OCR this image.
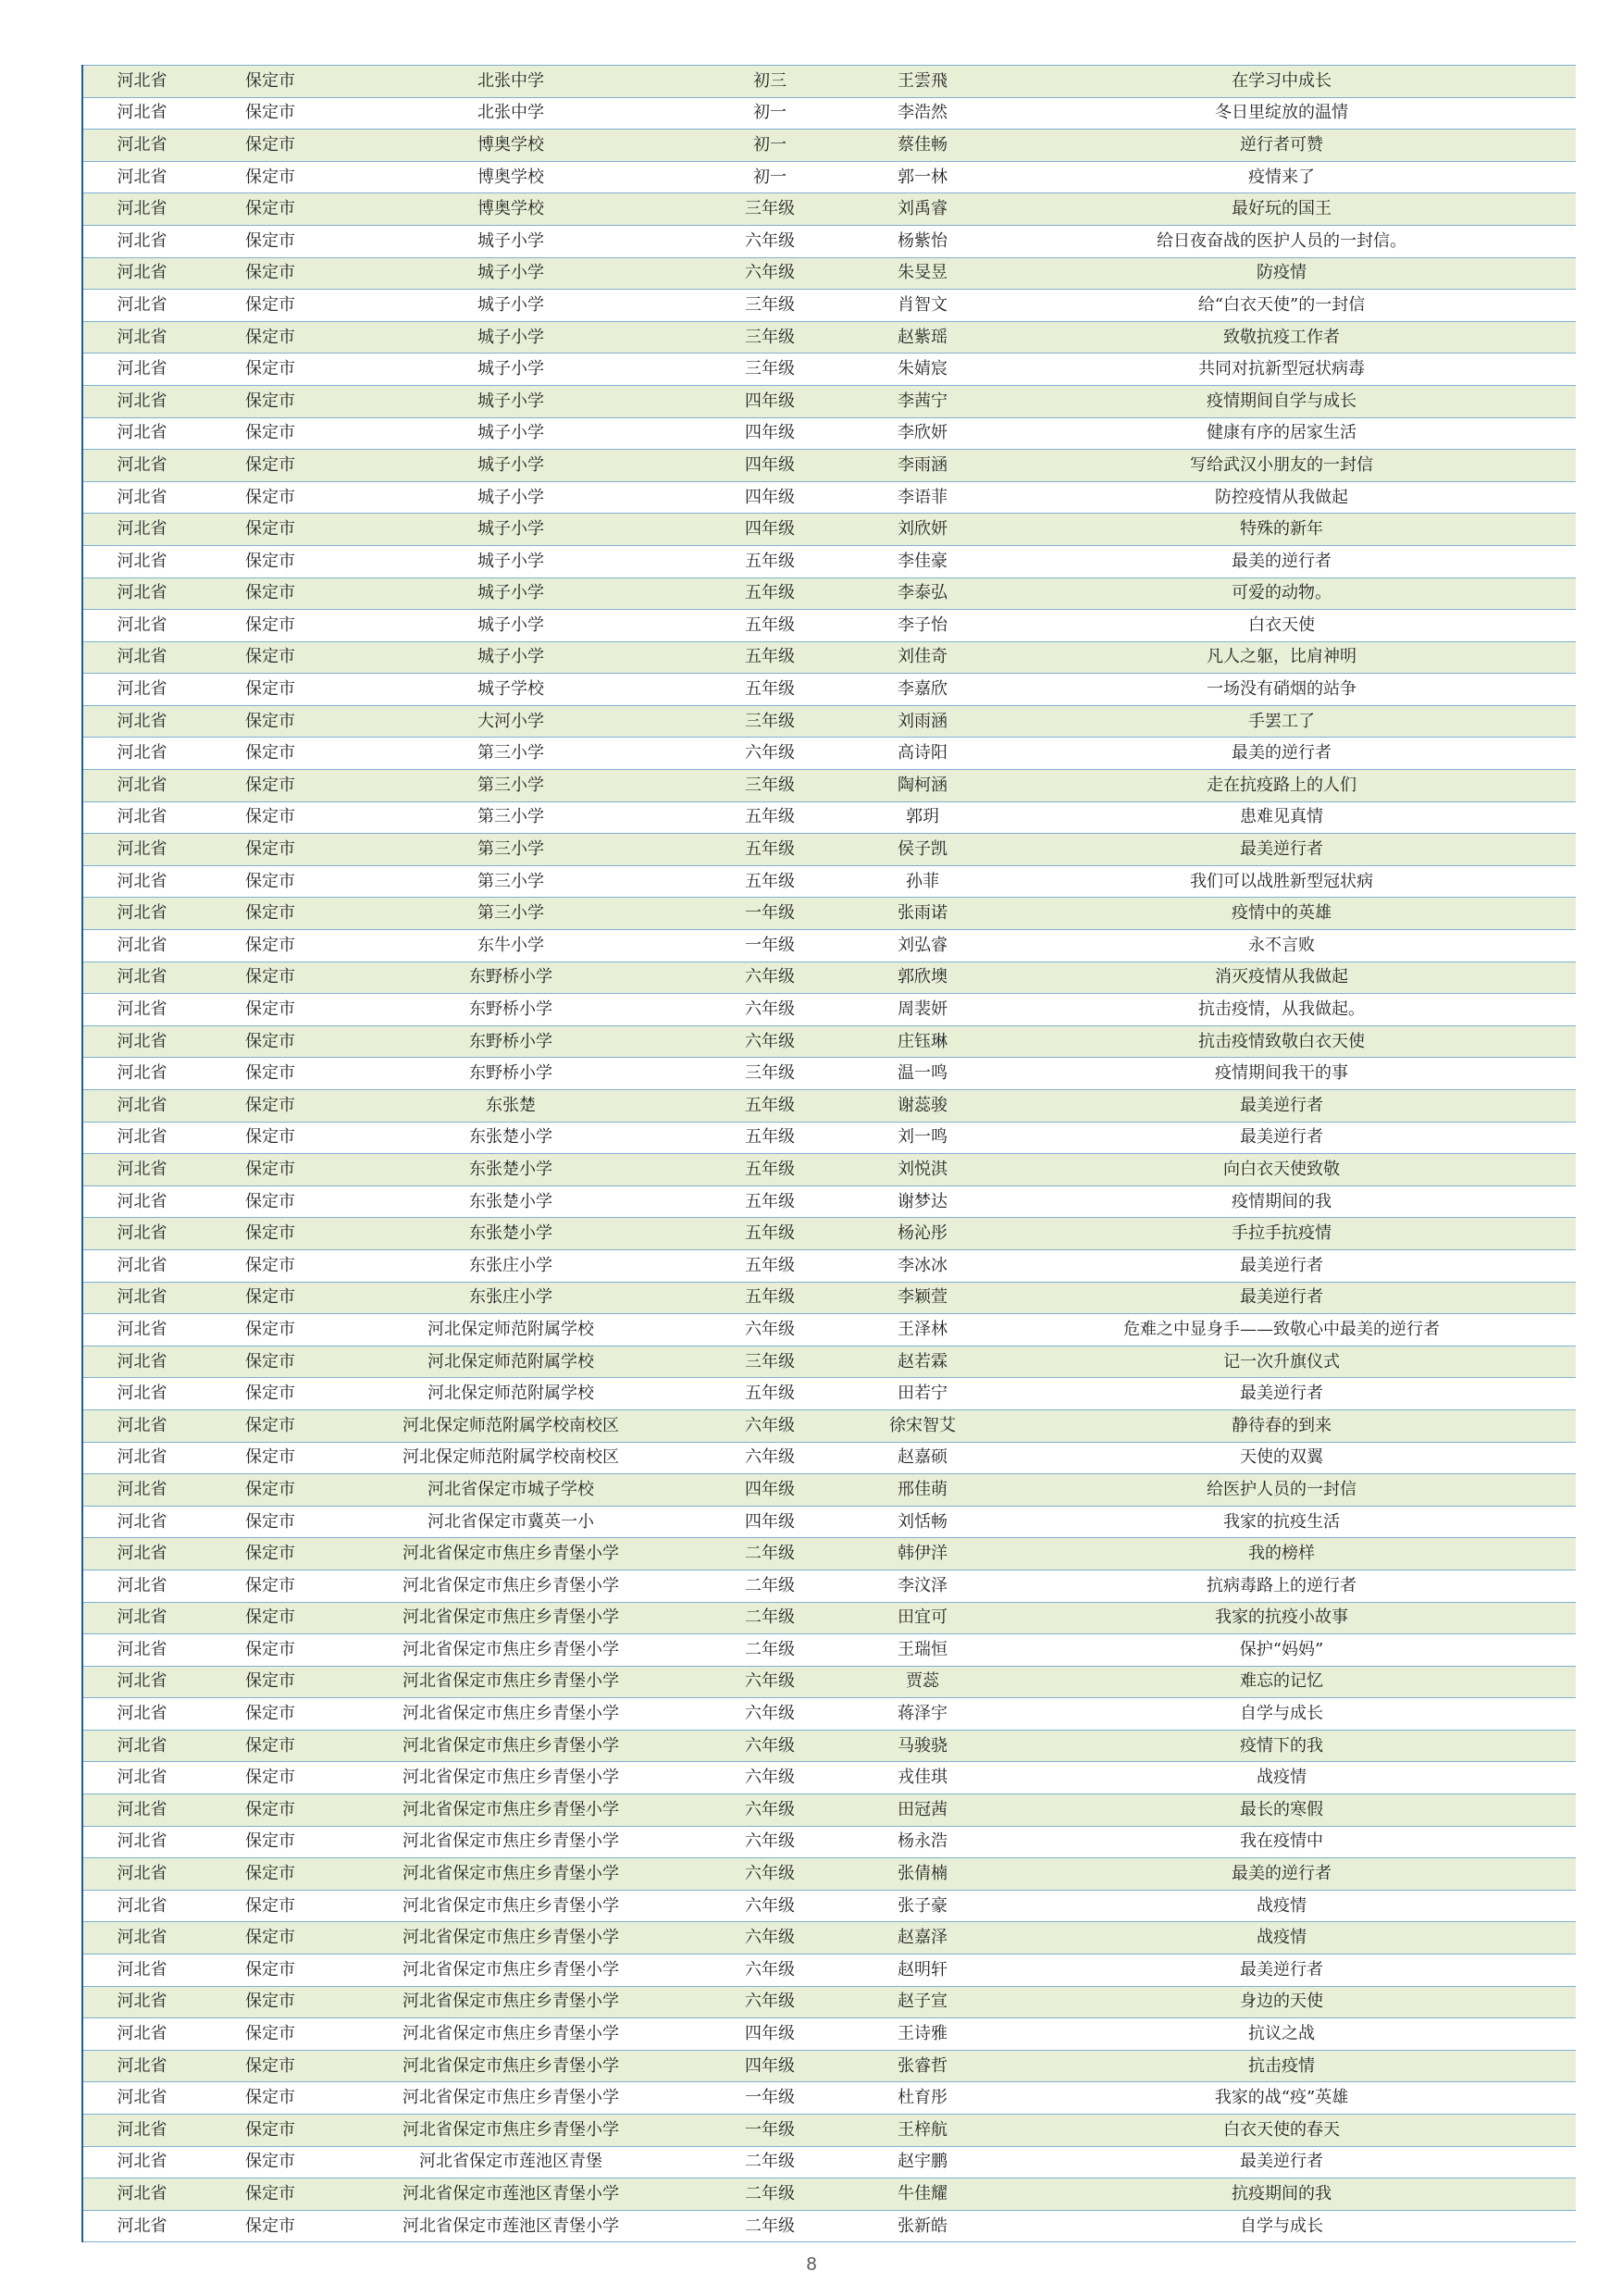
河北省	保定市	北张中学	初三	王雲飛	在学习中成长
河北省	保定市	北张中学	初一	李浩然	冬日里绽放的温情
河北省	保定市	博奥学校	初一	蔡佳畅	逆行者可赞
河北省	保定市	博奥学校	初一	郭一林	疫情来了
河北省	保定市	博奥学校	三年级	刘禹睿	最好玩的国王
河北省	保定市	城子小学	六年级	杨紫怡	给日夜奋战的医护人员的一封信。
河北省	保定市	城子小学	六年级	朱旻昱	防疫情
河北省	保定市	城子小学	三年级	肖智文	给“白衣天使”的一封信
河北省	保定市	城子小学	三年级	赵紫瑶	致敬抗疫工作者
河北省	保定市	城子小学	三年级	朱婧宸	共同对抗新型冠状病毒
河北省	保定市	城子小学	四年级	李茜宁	疫情期间自学与成长
河北省	保定市	城子小学	四年级	李欣妍	健康有序的居家生活
河北省	保定市	城子小学	四年级	李雨涵	写给武汉小朋友的一封信
河北省	保定市	城子小学	四年级	李语菲	防控疫情从我做起
河北省	保定市	城子小学	四年级	刘欣妍	特殊的新年
河北省	保定市	城子小学	五年级	李佳豪	最美的逆行者
河北省	保定市	城子小学	五年级	李泰弘	可爱的动物。
河北省	保定市	城子小学	五年级	李子怡	白衣天使
河北省	保定市	城子小学	五年级	刘佳奇	凡人之躯，比肩神明
河北省	保定市	城子学校	五年级	李嘉欣	一场没有硝烟的站争
河北省	保定市	大河小学	三年级	刘雨涵	手罢工了
河北省	保定市	第三小学	六年级	高诗阳	最美的逆行者
河北省	保定市	第三小学	三年级	陶柯涵	走在抗疫路上的人们
河北省	保定市	第三小学	五年级	郭玥	患难见真情
河北省	保定市	第三小学	五年级	侯子凯	最美逆行者
河北省	保定市	第三小学	五年级	孙菲	我们可以战胜新型冠状病
河北省	保定市	第三小学	一年级	张雨诺	疫情中的英雄
河北省	保定市	东牛小学	一年级	刘弘睿	永不言败
河北省	保定市	东野桥小学	六年级	郭欣墺	消灭疫情从我做起
河北省	保定市	东野桥小学	六年级	周裴妍	抗击疫情，从我做起。
河北省	保定市	东野桥小学	六年级	庄钰琳	抗击疫情致敬白衣天使
河北省	保定市	东野桥小学	三年级	温一鸣	疫情期间我干的事
河北省	保定市	东张楚	五年级	谢蕊骏	最美逆行者
河北省	保定市	东张楚小学	五年级	刘一鸣	最美逆行者
河北省	保定市	东张楚小学	五年级	刘悦淇	向白衣天使致敬
河北省	保定市	东张楚小学	五年级	谢梦达	疫情期间的我
河北省	保定市	东张楚小学	五年级	杨沁彤	手拉手抗疫情
河北省	保定市	东张庄小学	五年级	李冰冰	最美逆行者
河北省	保定市	东张庄小学	五年级	李颖萱	最美逆行者
河北省	保定市	河北保定师范附属学校	六年级	王泽林	危难之中显身手——致敬心中最美的逆行者
河北省	保定市	河北保定师范附属学校	三年级	赵若霖	记一次升旗仪式
河北省	保定市	河北保定师范附属学校	五年级	田若宁	最美逆行者
河北省	保定市	河北保定师范附属学校南校区	六年级	徐宋智艾	静待春的到来
河北省	保定市	河北保定师范附属学校南校区	六年级	赵嘉硕	天使的双翼
河北省	保定市	河北省保定市城子学校	四年级	邢佳萌	给医护人员的一封信
河北省	保定市	河北省保定市冀英一小	四年级	刘恬畅	我家的抗疫生活
河北省	保定市	河北省保定市焦庄乡青堡小学	二年级	韩伊洋	我的榜样
河北省	保定市	河北省保定市焦庄乡青堡小学	二年级	李汶泽	抗病毒路上的逆行者
河北省	保定市	河北省保定市焦庄乡青堡小学	二年级	田宜可	我家的抗疫小故事
河北省	保定市	河北省保定市焦庄乡青堡小学	二年级	王瑞恒	保护“妈妈”
河北省	保定市	河北省保定市焦庄乡青堡小学	六年级	贾蕊	难忘的记忆
河北省	保定市	河北省保定市焦庄乡青堡小学	六年级	蒋泽宇	自学与成长
河北省	保定市	河北省保定市焦庄乡青堡小学	六年级	马骏骁	疫情下的我
河北省	保定市	河北省保定市焦庄乡青堡小学	六年级	戎佳琪	战疫情
河北省	保定市	河北省保定市焦庄乡青堡小学	六年级	田冠茜	最长的寒假
河北省	保定市	河北省保定市焦庄乡青堡小学	六年级	杨永浩	我在疫情中
河北省	保定市	河北省保定市焦庄乡青堡小学	六年级	张倩楠	最美的逆行者
河北省	保定市	河北省保定市焦庄乡青堡小学	六年级	张子豪	战疫情
河北省	保定市	河北省保定市焦庄乡青堡小学	六年级	赵嘉泽	战疫情
河北省	保定市	河北省保定市焦庄乡青堡小学	六年级	赵明轩	最美逆行者
河北省	保定市	河北省保定市焦庄乡青堡小学	六年级	赵子宣	身边的天使
河北省	保定市	河北省保定市焦庄乡青堡小学	四年级	王诗雅	抗议之战
河北省	保定市	河北省保定市焦庄乡青堡小学	四年级	张睿哲	抗击疫情
河北省	保定市	河北省保定市焦庄乡青堡小学	一年级	杜育彤	我家的战“疫”英雄
河北省	保定市	河北省保定市焦庄乡青堡小学	一年级	王梓航	白衣天使的春天
河北省	保定市	河北省保定市莲池区青堡	二年级	赵宇鹏	最美逆行者
河北省	保定市	河北省保定市莲池区青堡小学	二年级	牛佳耀	抗疫期间的我
河北省	保定市	河北省保定市莲池区青堡小学	二年级	张新皓	自学与成长
8
